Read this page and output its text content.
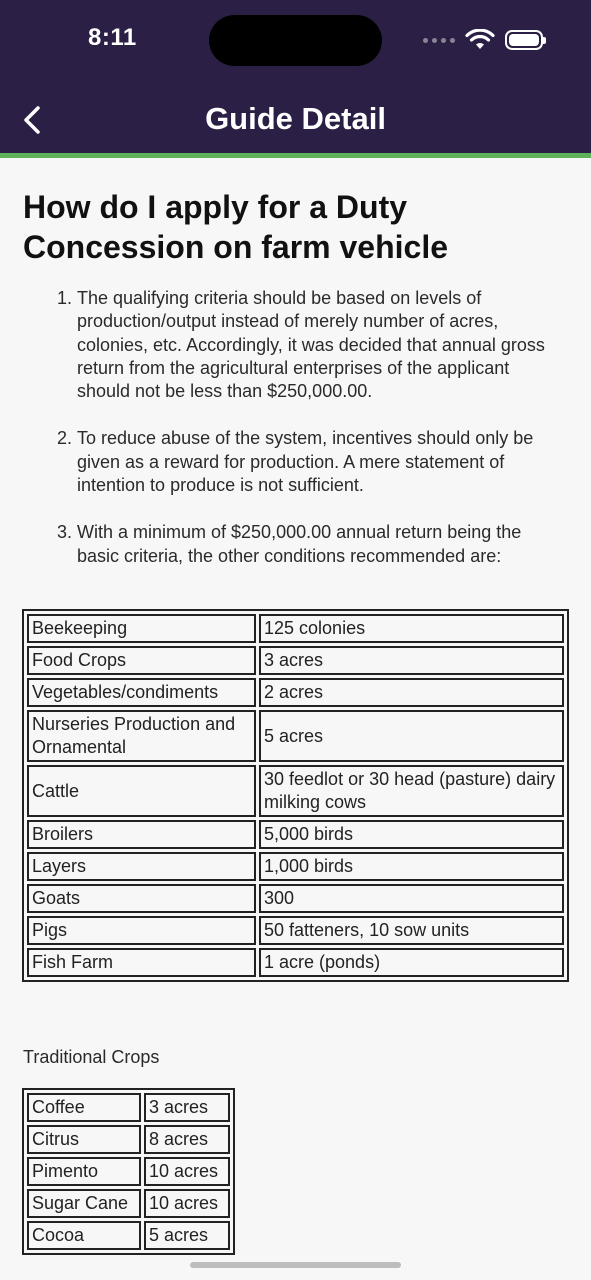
8:11
Guide Detail
How do I apply for a Duty Concession on farm vehicle
1. The qualifying criteria should be based on levels of production/output instead of merely number of acres, colonies, etc. Accordingly, it was decided that annual gross return from the agricultural enterprises of the applicant should not be less than $250,000.00.
2. To reduce abuse of the system, incentives should only be given as a reward for production. A mere statement of intention to produce is not sufficient.
3. With a minimum of $250,000.00 annual return being the basic criteria, the other conditions recommended are:
Beekeeping	125 colonies
Food Crops	3 acres
Vegetables/condiments	2 acres
Nurseries Production and Ornamental	5 acres
Cattle	30 feedlot or 30 head (pasture) dairy milking cows
Broilers	5,000 birds
Layers	1,000 birds
Goats	300
Pigs	50 fatteners, 10 sow units
Fish Farm	1 acre (ponds)
Traditional Crops
Coffee	3 acres
Citrus	8 acres
Pimento	10 acres
Sugar Cane	10 acres
Cocoa	5 acres
